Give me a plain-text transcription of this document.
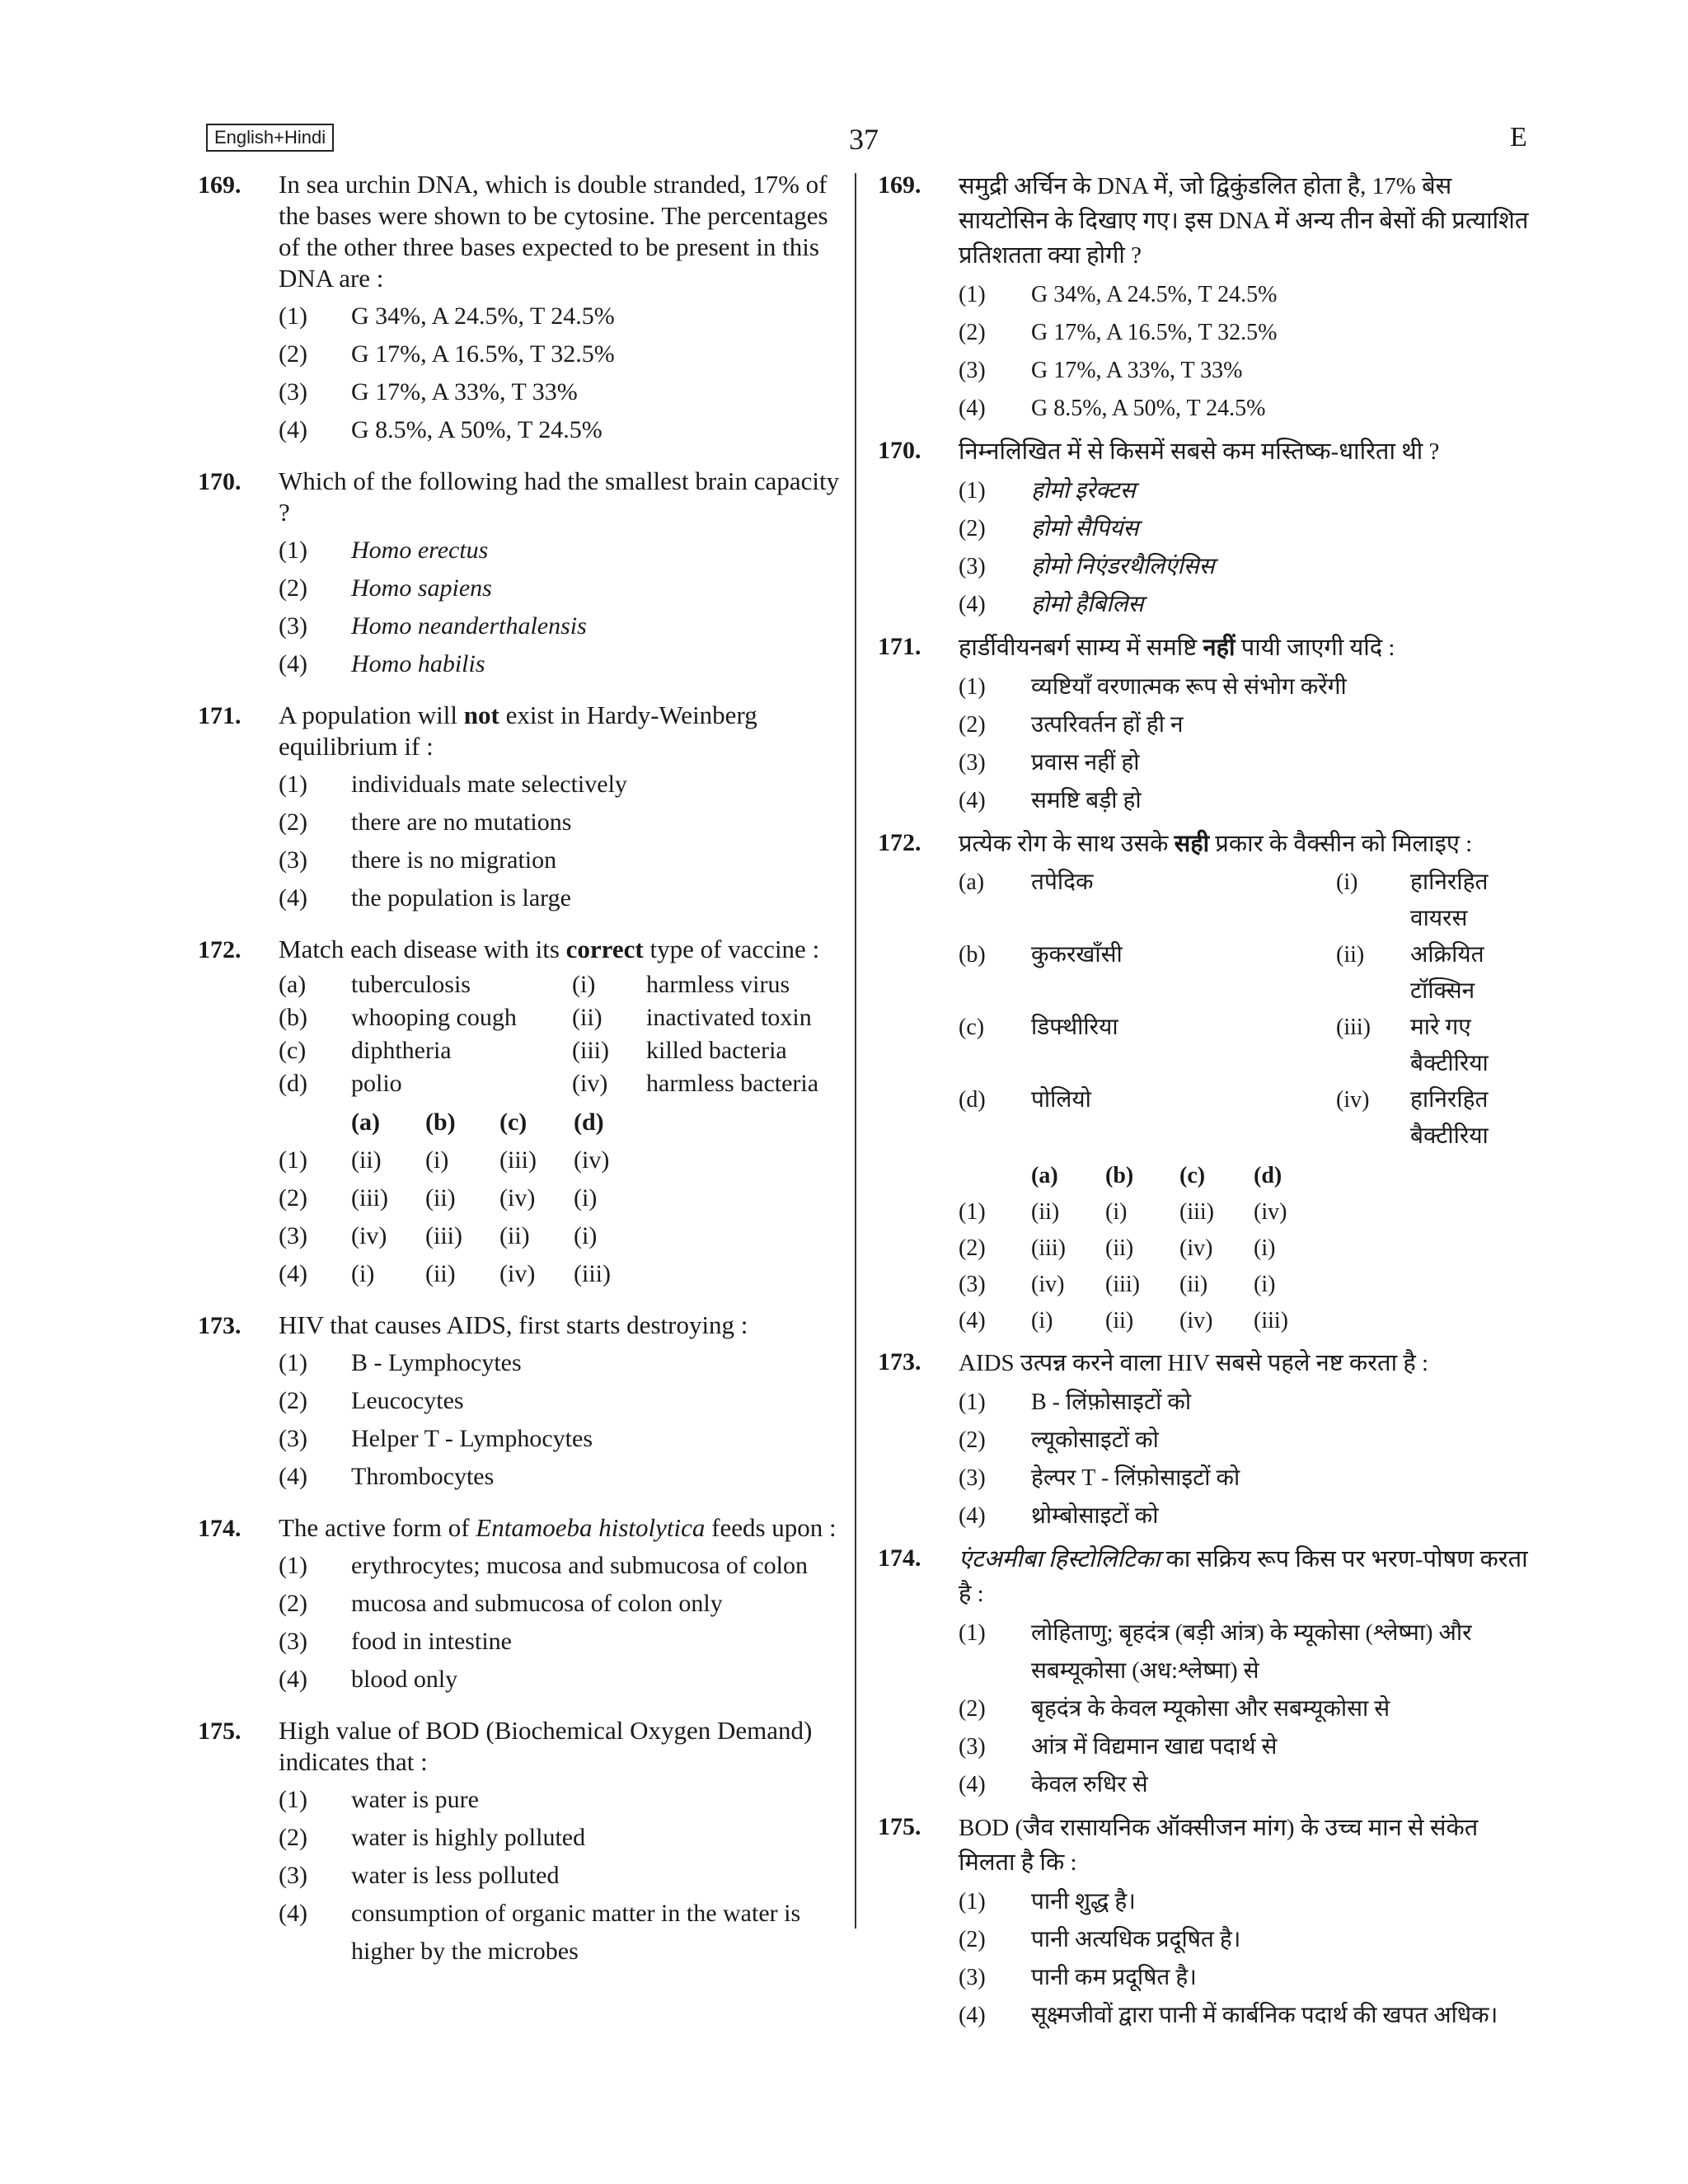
English+Hindi	37	E
169. In sea urchin DNA, which is double stranded, 17% of the bases were shown to be cytosine. The percentages of the other three bases expected to be present in this DNA are :
(1)	G 34%, A 24.5%, T 24.5%
(2)	G 17%, A 16.5%, T 32.5%
(3)	G 17%, A 33%, T 33%
(4)	G 8.5%, A 50%, T 24.5%
170. Which of the following had the smallest brain capacity ?
(1)	Homo erectus
(2)	Homo sapiens
(3)	Homo neanderthalensis
(4)	Homo habilis
171. A population will not exist in Hardy-Weinberg equilibrium if :
(1)	individuals mate selectively
(2)	there are no mutations
(3)	there is no migration
(4)	the population is large
172. Match each disease with its correct type of vaccine :
(a)	tuberculosis	(i)	harmless virus
(b)	whooping cough	(ii)	inactivated toxin
(c)	diphtheria	(iii)	killed bacteria
(d)	polio	(iv)	harmless bacteria
	(a)	(b)	(c)	(d)
(1)	(ii)	(i)	(iii)	(iv)
(2)	(iii)	(ii)	(iv)	(i)
(3)	(iv)	(iii)	(ii)	(i)
(4)	(i)	(ii)	(iv)	(iii)
173. HIV that causes AIDS, first starts destroying :
(1)	B - Lymphocytes
(2)	Leucocytes
(3)	Helper T - Lymphocytes
(4)	Thrombocytes
174. The active form of Entamoeba histolytica feeds upon :
(1)	erythrocytes; mucosa and submucosa of colon
(2)	mucosa and submucosa of colon only
(3)	food in intestine
(4)	blood only
175. High value of BOD (Biochemical Oxygen Demand) indicates that :
(1)	water is pure
(2)	water is highly polluted
(3)	water is less polluted
(4)	consumption of organic matter in the water is higher by the microbes
169. समुद्री अर्चिन के DNA में, जो द्विकुंडलित होता है, 17% बेस सायटोसिन के दिखाए गए। इस DNA में अन्य तीन बेसों की प्रत्याशित प्रतिशतता क्या होगी ?
(1)	G 34%, A 24.5%, T 24.5%
(2)	G 17%, A 16.5%, T 32.5%
(3)	G 17%, A 33%, T 33%
(4)	G 8.5%, A 50%, T 24.5%
170. निम्नलिखित में से किसमें सबसे कम मस्तिष्क-धारिता थी ?
(1)	होमो इरेक्टस
(2)	होमो सैपियंस
(3)	होमो निएंडरथैलिएंसिस
(4)	होमो हैबिलिस
171. हार्डीवीयनबर्ग साम्य में समष्टि नहीं पायी जाएगी यदि :
(1)	व्यष्टियाँ वरणात्मक रूप से संभोग करेंगी
(2)	उत्परिवर्तन हों ही न
(3)	प्रवास नहीं हो
(4)	समष्टि बड़ी हो
172. प्रत्येक रोग के साथ उसके सही प्रकार के वैक्सीन को मिलाइए :
(a)	तपेदिक	(i)	हानिरहित वायरस
(b)	कुकरखाँसी	(ii)	अक्रियित टॉक्सिन
(c)	डिफ्थीरिया	(iii)	मारे गए बैक्टीरिया
(d)	पोलियो	(iv)	हानिरहित बैक्टीरिया
	(a)	(b)	(c)	(d)
(1)	(ii)	(i)	(iii)	(iv)
(2)	(iii)	(ii)	(iv)	(i)
(3)	(iv)	(iii)	(ii)	(i)
(4)	(i)	(ii)	(iv)	(iii)
173. AIDS उत्पन्न करने वाला HIV सबसे पहले नष्ट करता है :
(1)	B - लिंफ़ोसाइटों को
(2)	ल्यूकोसाइटों को
(3)	हेल्पर T - लिंफ़ोसाइटों को
(4)	थ्रोम्बोसाइटों को
174. एंटअमीबा हिस्टोलिटिका का सक्रिय रूप किस पर भरण-पोषण करता है :
(1)	लोहिताणु; बृहदंत्र (बड़ी आंत्र) के म्यूकोसा (श्लेष्मा) और सबम्यूकोसा (अध:श्लेष्मा) से
(2)	बृहदंत्र के केवल म्यूकोसा और सबम्यूकोसा से
(3)	आंत्र में विद्यमान खाद्य पदार्थ से
(4)	केवल रुधिर से
175. BOD (जैव रासायनिक ऑक्सीजन मांग) के उच्च मान से संकेत मिलता है कि :
(1)	पानी शुद्ध है।
(2)	पानी अत्यधिक प्रदूषित है।
(3)	पानी कम प्रदूषित है।
(4)	सूक्ष्मजीवों द्वारा पानी में कार्बनिक पदार्थ की खपत अधिक।
